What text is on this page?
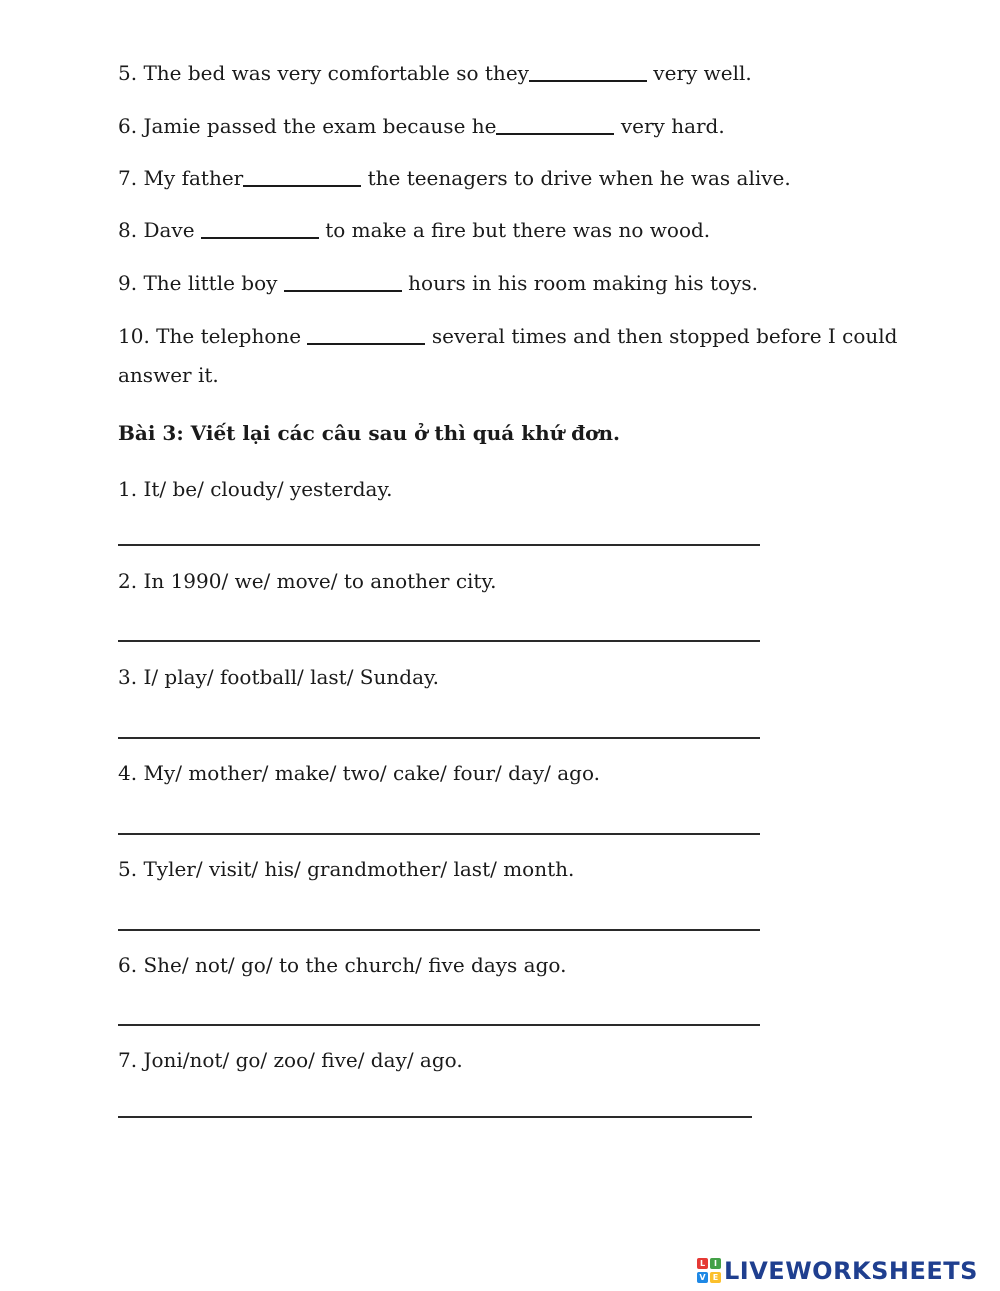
5. The bed was very comfortable so they	very well.

6. Jamie passed the exam because he	very hard.

7. My father	the teenagers to drive when he was alive.

8. Dave	to make a fire but there was no wood.

9. The little boy	hours in his room making his toys.

10. The telephone	several times and then stopped before I could

answer it.

Bài 3: Viết lại các câu sau ở thì quá khứ đơn.

1. It/ be/ cloudy/ yesterday.

2. In 1990/ we/ move/ to another city.

3. I/ play/ football/ last/ Sunday.

4. My/ mother/ make/ two/ cake/ four/ day/ ago.

5. Tyler/ visit/ his/ grandmother/ last/ month.

6. She/ not/ go/ to the church/ five days ago.

7. Joni/not/ go/ zoo/ five/ day/ ago.

L	I
V E LIVEWORKSHEETS
